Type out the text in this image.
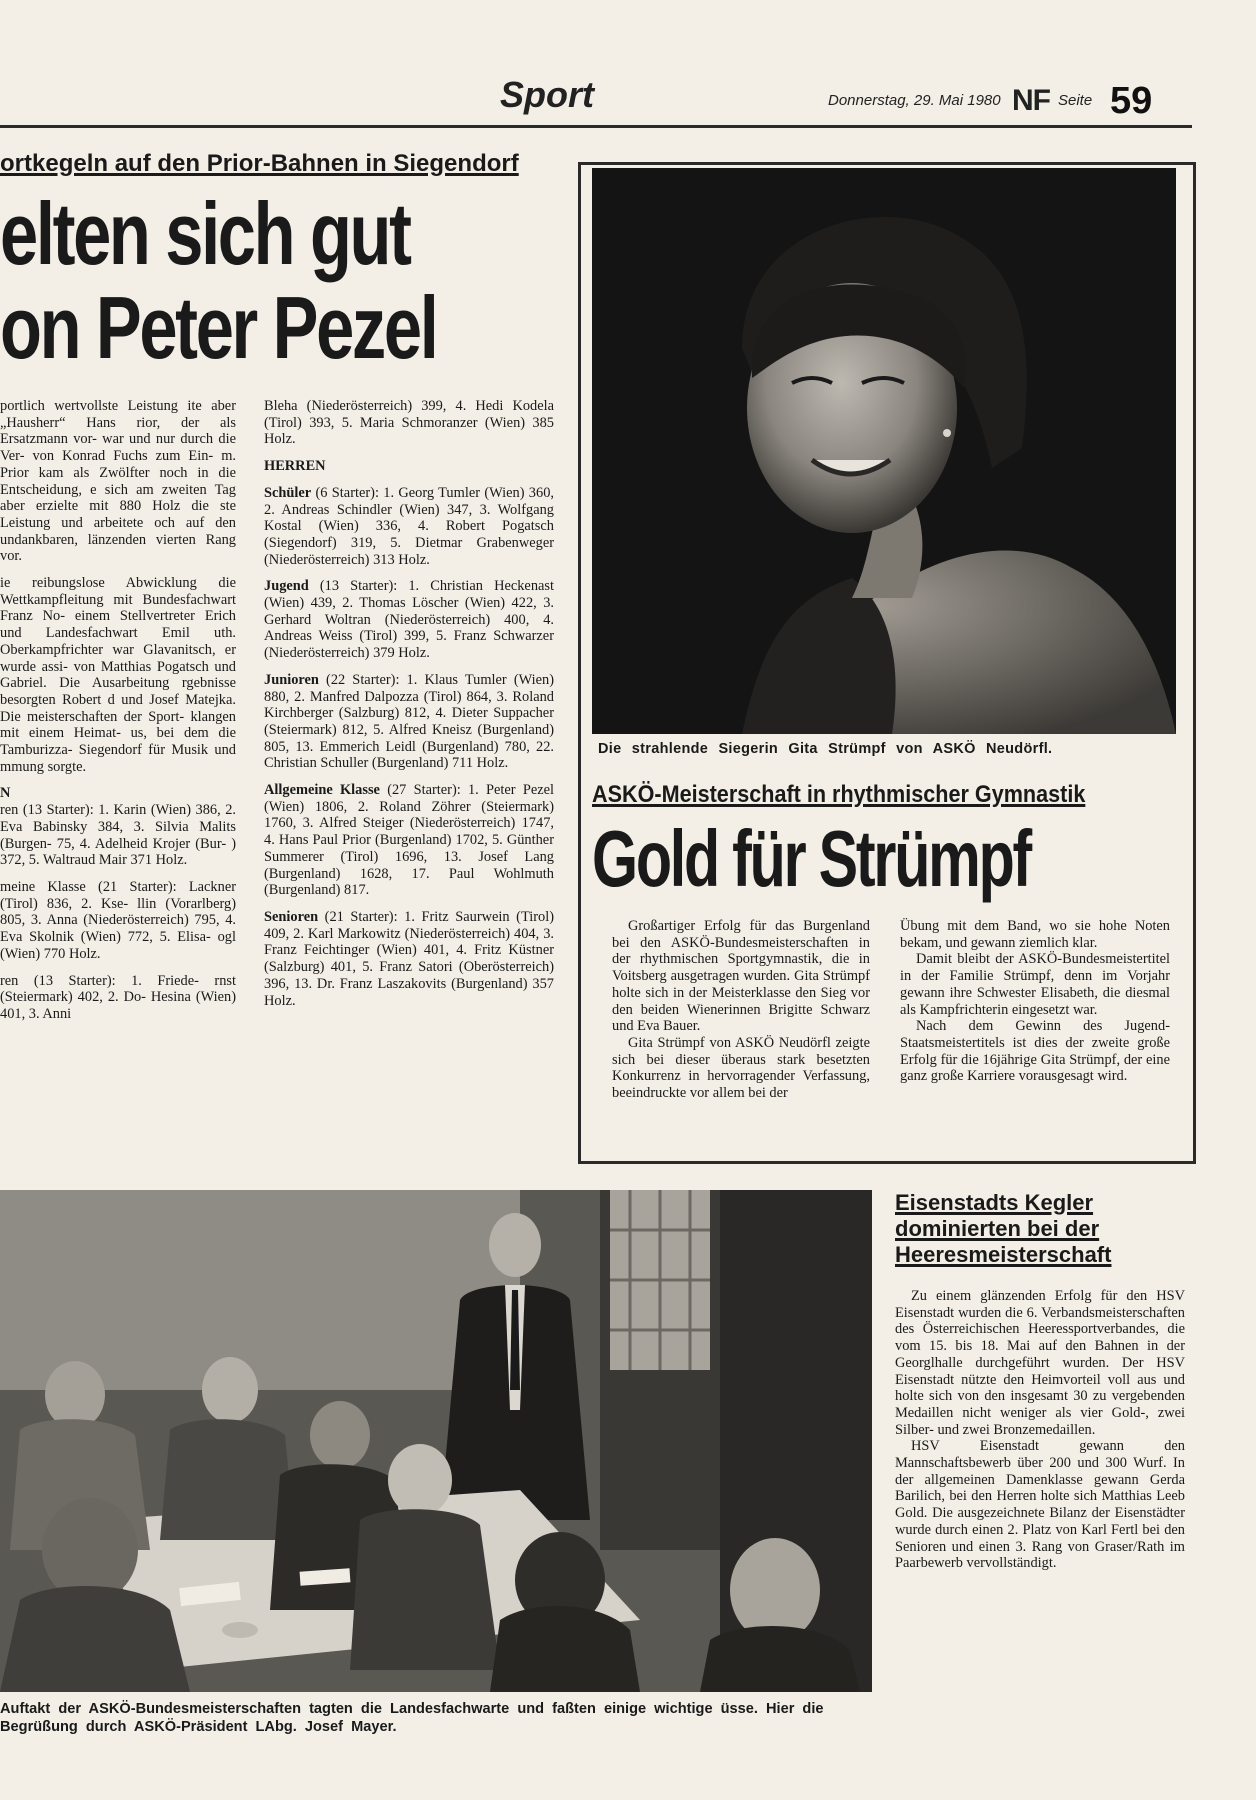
Sport	Donnerstag, 29. Mai 1980 NF Seite 59
ortkegeln auf den Prior-Bahnen in Siegendorf
elten sich gut
on Peter Pezel

portlich wertvollste Leistung ite aber „Hausherr“ Hans rior, der als Ersatzmann vor- war und nur durch die Ver- von Konrad Fuchs zum Ein- m. Prior kam als Zwölfter noch in die Entscheidung, e sich am zweiten Tag aber erzielte mit 880 Holz die ste Leistung und arbeitete och auf den undankbaren, länzenden vierten Rang vor.

ie reibungslose Abwicklung die Wettkampfleitung mit Bundesfachwart Franz No- einem Stellvertreter Erich und Landesfachwart Emil uth. Oberkampfrichter war Glavanitsch, er wurde assi- von Matthias Pogatsch und Gabriel. Die Ausarbeitung rgebnisse besorgten Robert d und Josef Matejka. Die meisterschaften der Sport- klangen mit einem Heimat- us, bei dem die Tamburizza- Siegendorf für Musik und mmung sorgte.

N

ren (13 Starter): 1. Karin (Wien) 386, 2. Eva Babinsky 384, 3. Silvia Malits (Burgen- 75, 4. Adelheid Krojer (Bur- ) 372, 5. Waltraud Mair 371 Holz.

meine Klasse (21 Starter): Lackner (Tirol) 836, 2. Kse- llin (Vorarlberg) 805, 3. Anna (Niederösterreich) 795, 4. Eva Skolnik (Wien) 772, 5. Elisa- ogl (Wien) 770 Holz.

ren (13 Starter): 1. Friede- rnst (Steiermark) 402, 2. Do- Hesina (Wien) 401, 3. Anni

Bleha (Niederösterreich) 399, 4. Hedi Kodela (Tirol) 393, 5. Maria Schmoranzer (Wien) 385 Holz.

HERREN

Schüler (6 Starter): 1. Georg Tumler (Wien) 360, 2. Andreas Schindler (Wien) 347, 3. Wolfgang Kostal (Wien) 336, 4. Robert Pogatsch (Siegendorf) 319, 5. Dietmar Grabenweger (Niederösterreich) 313 Holz.

Jugend (13 Starter): 1. Christian Heckenast (Wien) 439, 2. Thomas Löscher (Wien) 422, 3. Gerhard Woltran (Niederösterreich) 400, 4. Andreas Weiss (Tirol) 399, 5. Franz Schwarzer (Niederösterreich) 379 Holz.

Junioren (22 Starter): 1. Klaus Tumler (Wien) 880, 2. Manfred Dalpozza (Tirol) 864, 3. Roland Kirchberger (Salzburg) 812, 4. Dieter Suppacher (Steiermark) 812, 5. Alfred Kneisz (Burgenland) 805, 13. Emmerich Leidl (Burgenland) 780, 22. Christian Schuller (Burgenland) 711 Holz.

Allgemeine Klasse (27 Starter): 1. Peter Pezel (Wien) 1806, 2. Roland Zöhrer (Steiermark) 1760, 3. Alfred Steiger (Niederösterreich) 1747, 4. Hans Paul Prior (Burgenland) 1702, 5. Günther Summerer (Tirol) 1696, 13. Josef Lang (Burgenland) 1628, 17. Paul Wohlmuth (Burgenland) 817.

Senioren (21 Starter): 1. Fritz Saurwein (Tirol) 409, 2. Karl Markowitz (Niederösterreich) 404, 3. Franz Feichtinger (Wien) 401, 4. Fritz Küstner (Salzburg) 401, 5. Franz Satori (Oberösterreich) 396, 13. Dr. Franz Laszakovits (Burgenland) 357 Holz.

Die strahlende Siegerin Gita Strümpf von ASKÖ Neudörfl.
ASKÖ-Meisterschaft in rhythmischer Gymnastik
Gold für Strümpf

Großartiger Erfolg für das Burgenland bei den ASKÖ-Bundesmeisterschaften in der rhythmischen Sportgymnastik, die in Voitsberg ausgetragen wurden. Gita Strümpf holte sich in der Meisterklasse den Sieg vor den beiden Wienerinnen Brigitte Schwarz und Eva Bauer.

Gita Strümpf von ASKÖ Neudörfl zeigte sich bei dieser überaus stark besetzten Konkurrenz in hervorragender Verfassung, beeindruckte vor allem bei der

Übung mit dem Band, wo sie hohe Noten bekam, und gewann ziemlich klar.

Damit bleibt der ASKÖ-Bundesmeistertitel in der Familie Strümpf, denn im Vorjahr gewann ihre Schwester Elisabeth, die diesmal als Kampfrichterin eingesetzt war.

Nach dem Gewinn des Jugend-Staatsmeistertitels ist dies der zweite große Erfolg für die 16jährige Gita Strümpf, der eine ganz große Karriere vorausgesagt wird.

Auftakt der ASKÖ-Bundesmeisterschaften tagten die Landesfachwarte und faßten einige wichtige üsse. Hier die Begrüßung durch ASKÖ-Präsident LAbg. Josef Mayer.
Eisenstadts Kegler
dominierten bei der
Heeresmeisterschaft

Zu einem glänzenden Erfolg für den HSV Eisenstadt wurden die 6. Verbandsmeisterschaften des Österreichischen Heeressportverbandes, die vom 15. bis 18. Mai auf den Bahnen in der Georglhalle durchgeführt wurden. Der HSV Eisenstadt nützte den Heimvorteil voll aus und holte sich von den insgesamt 30 zu vergebenden Medaillen nicht weniger als vier Gold-, zwei Silber- und zwei Bronzemedaillen.

HSV Eisenstadt gewann den Mannschaftsbewerb über 200 und 300 Wurf. In der allgemeinen Damenklasse gewann Gerda Barilich, bei den Herren holte sich Matthias Leeb Gold. Die ausgezeichnete Bilanz der Eisenstädter wurde durch einen 2. Platz von Karl Fertl bei den Senioren und einen 3. Rang von Graser/Rath im Paarbewerb vervollständigt.
